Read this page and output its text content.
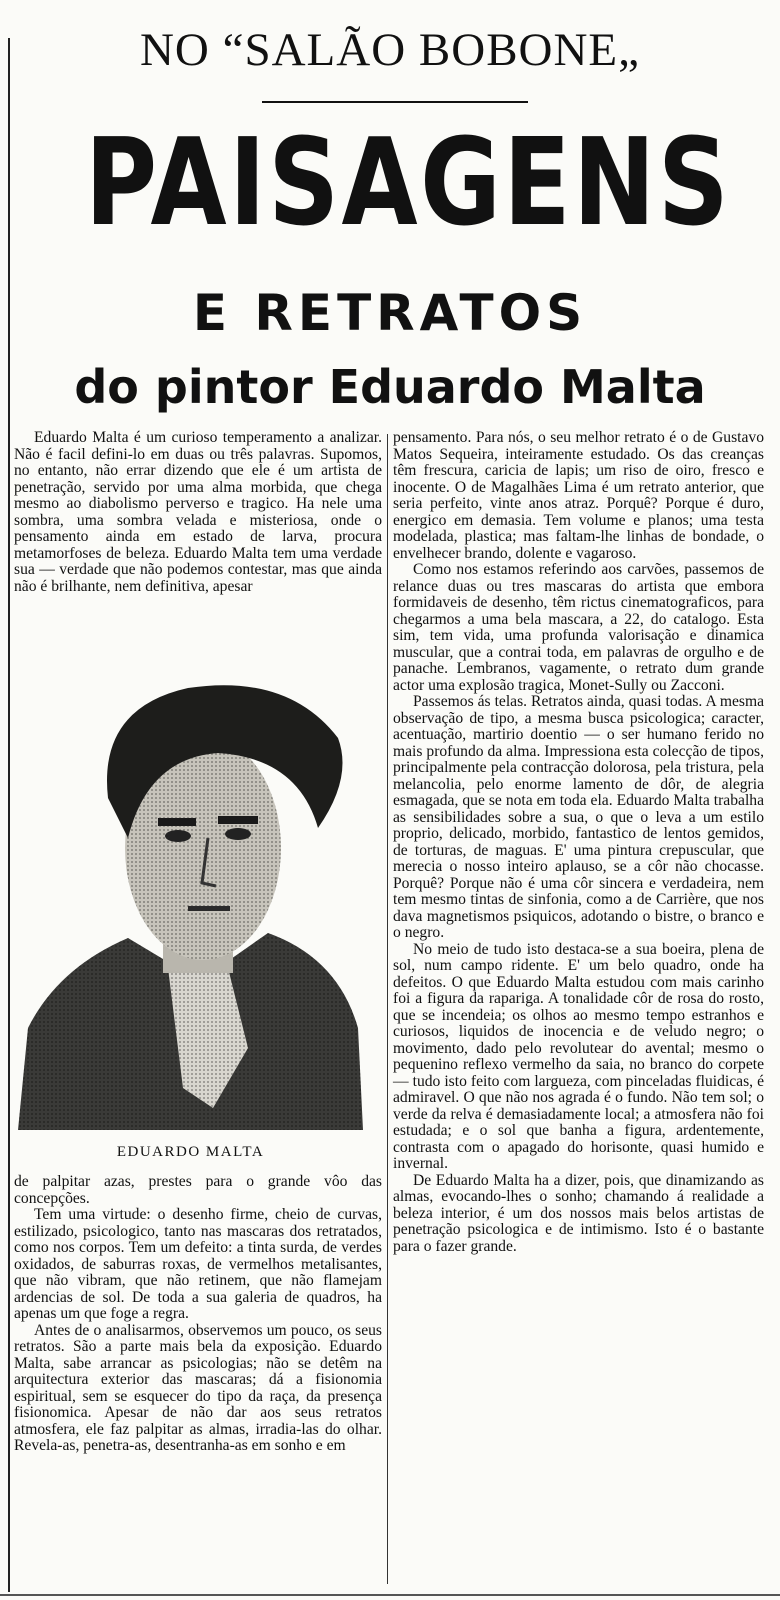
NO “SALÃO BOBONE„
PAISAGENS
E RETRATOS
do pintor Eduardo Malta

Eduardo Malta é um curioso temperamento a analizar. Não é facil defini-lo em duas ou três palavras. Supomos, no entanto, não errar dizendo que ele é um artista de penetração, servido por uma alma morbida, que chega mesmo ao diabolismo perverso e tragico. Ha nele uma sombra, uma sombra velada e misteriosa, onde o pensamento ainda em estado de larva, procura metamorfoses de beleza. Eduardo Malta tem uma verdade sua — verdade que não podemos contestar, mas que ainda não é brilhante, nem definitiva, apesar

EDUARDO MALTA

de palpitar azas, prestes para o grande vôo das concepções.

Tem uma virtude: o desenho firme, cheio de curvas, estilizado, psicologico, tanto nas mascaras dos retratados, como nos corpos. Tem um defeito: a tinta surda, de verdes oxidados, de saburras roxas, de vermelhos metalisantes, que não vibram, que não retinem, que não flamejam ardencias de sol. De toda a sua galeria de quadros, ha apenas um que foge a regra.

Antes de o analisarmos, observemos um pouco, os seus retratos. São a parte mais bela da exposição. Eduardo Malta, sabe arrancar as psicologias; não se detêm na arquitectura exterior das mascaras; dá a fisionomia espiritual, sem se esquecer do tipo da raça, da presença fisionomica. Apesar de não dar aos seus retratos atmosfera, ele faz palpitar as almas, irradia-las do olhar. Revela-as, penetra-as, desentranha-as em sonho e em

pensamento. Para nós, o seu melhor retrato é o de Gustavo Matos Sequeira, inteiramente estudado. Os das creanças têm frescura, caricia de lapis; um riso de oiro, fresco e inocente. O de Magalhães Lima é um retrato anterior, que seria perfeito, vinte anos atraz. Porquê? Porque é duro, energico em demasia. Tem volume e planos; uma testa modelada, plastica; mas faltam-lhe linhas de bondade, o envelhecer brando, dolente e vagaroso.

Como nos estamos referindo aos carvões, passemos de relance duas ou tres mascaras do artista que embora formidaveis de desenho, têm rictus cinematograficos, para chegarmos a uma bela mascara, a 22, do catalogo. Esta sim, tem vida, uma profunda valorisação e dinamica muscular, que a contrai toda, em palavras de orgulho e de panache. Lembranos, vagamente, o retrato dum grande actor uma explosão tragica, Monet-Sully ou Zacconi.

Passemos ás telas. Retratos ainda, quasi todas. A mesma observação de tipo, a mesma busca psicologica; caracter, acentuação, martirio doentio — o ser humano ferido no mais profundo da alma. Impressiona esta colecção de tipos, principalmente pela contracção dolorosa, pela tristura, pela melancolia, pelo enorme lamento de dôr, de alegria esmagada, que se nota em toda ela. Eduardo Malta trabalha as sensibilidades sobre a sua, o que o leva a um estilo proprio, delicado, morbido, fantastico de lentos gemidos, de torturas, de maguas. E' uma pintura crepuscular, que merecia o nosso inteiro aplauso, se a côr não chocasse. Porquê? Porque não é uma côr sincera e verdadeira, nem tem mesmo tintas de sinfonia, como a de Carrière, que nos dava magnetismos psiquicos, adotando o bistre, o branco e o negro.

No meio de tudo isto destaca-se a sua boeira, plena de sol, num campo ridente. E' um belo quadro, onde ha defeitos. O que Eduardo Malta estudou com mais carinho foi a figura da rapariga. A tonalidade côr de rosa do rosto, que se incendeia; os olhos ao mesmo tempo estranhos e curiosos, liquidos de inocencia e de veludo negro; o movimento, dado pelo revolutear do avental; mesmo o pequenino reflexo vermelho da saia, no branco do corpete — tudo isto feito com largueza, com pinceladas fluidicas, é admiravel. O que não nos agrada é o fundo. Não tem sol; o verde da relva é demasiadamente local; a atmosfera não foi estudada; e o sol que banha a figura, ardentemente, contrasta com o apagado do horisonte, quasi humido e invernal.

De Eduardo Malta ha a dizer, pois, que dinamizando as almas, evocando-lhes o sonho; chamando á realidade a beleza interior, é um dos nossos mais belos artistas de penetração psicologica e de intimismo. Isto é o bastante para o fazer grande.
